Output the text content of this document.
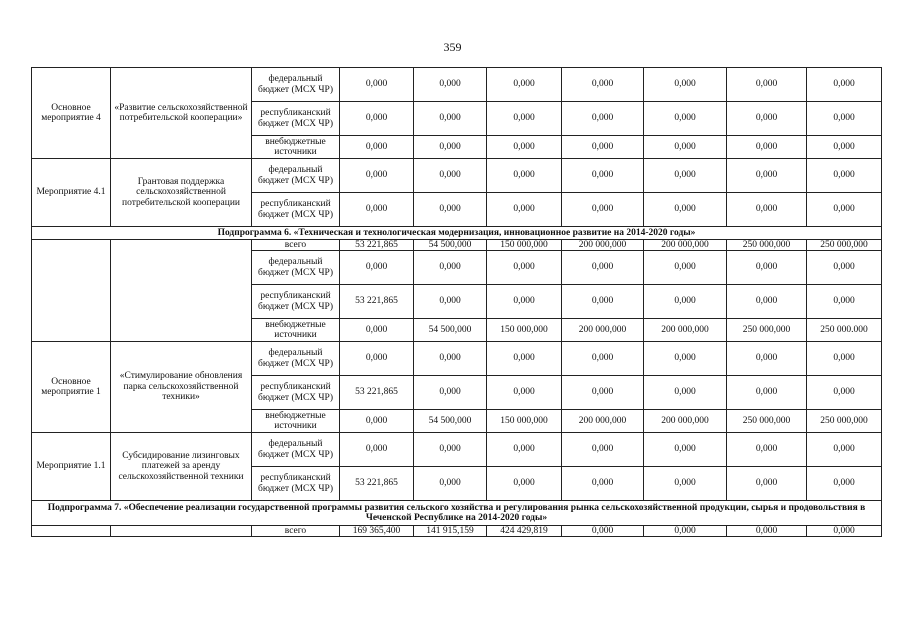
359
Основное мероприятие 4	«Развитие сельскохозяйственной потребительской кооперации»	федеральный бюджет (МСХ ЧР)	0,000	0,000	0,000	0,000	0,000	0,000	0,000
		республиканский бюджет (МСХ ЧР)	0,000	0,000	0,000	0,000	0,000	0,000	0,000
		внебюджетные источники	0,000	0,000	0,000	0,000	0,000	0,000	0,000
Мероприятие 4.1	Грантовая поддержка сельскохозяйственной потребительской кооперации	федеральный бюджет (МСХ ЧР)	0,000	0,000	0,000	0,000	0,000	0,000	0,000
		республиканский бюджет (МСХ ЧР)	0,000	0,000	0,000	0,000	0,000	0,000	0,000
Подпрограмма 6. «Техническая и технологическая модернизация, инновационное развитие на 2014-2020 годы»									
		всего	53 221,865	54 500,000	150 000,000	200 000,000	200 000,000	250 000,000	250 000,000
		федеральный бюджет (МСХ ЧР)	0,000	0,000	0,000	0,000	0,000	0,000	0,000
		республиканский бюджет (МСХ ЧР)	53 221,865	0,000	0,000	0,000	0,000	0,000	0,000
		внебюджетные источники	0,000	54 500,000	150 000,000	200 000,000	200 000,000	250 000,000	250 000.000
Основное мероприятие 1	«Стимулирование обновления парка сельскохозяйственной техники»	федеральный бюджет (МСХ ЧР)	0,000	0,000	0,000	0,000	0,000	0,000	0,000
		республиканский бюджет (МСХ ЧР)	53 221,865	0,000	0,000	0,000	0,000	0,000	0,000
		внебюджетные источники	0,000	54 500,000	150 000,000	200 000,000	200 000,000	250 000,000	250 000,000
Мероприятие 1.1	Субсидирование лизинговых платежей за аренду сельскохозяйственной техники	федеральный бюджет (МСХ ЧР)	0,000	0,000	0,000	0,000	0,000	0,000	0,000
		республиканский бюджет (МСХ ЧР)	53 221,865	0,000	0,000	0,000	0,000	0,000	0,000
Подпрограмма 7. «Обеспечение реализации государственной программы развития сельского хозяйства и регулирования рынка сельскохозяйственной продукции, сырья и продовольствия в Чеченской Республике на 2014-2020 годы»									
		всего	169 365,400	141 915,159	424 429,819	0,000	0,000	0,000	0,000
